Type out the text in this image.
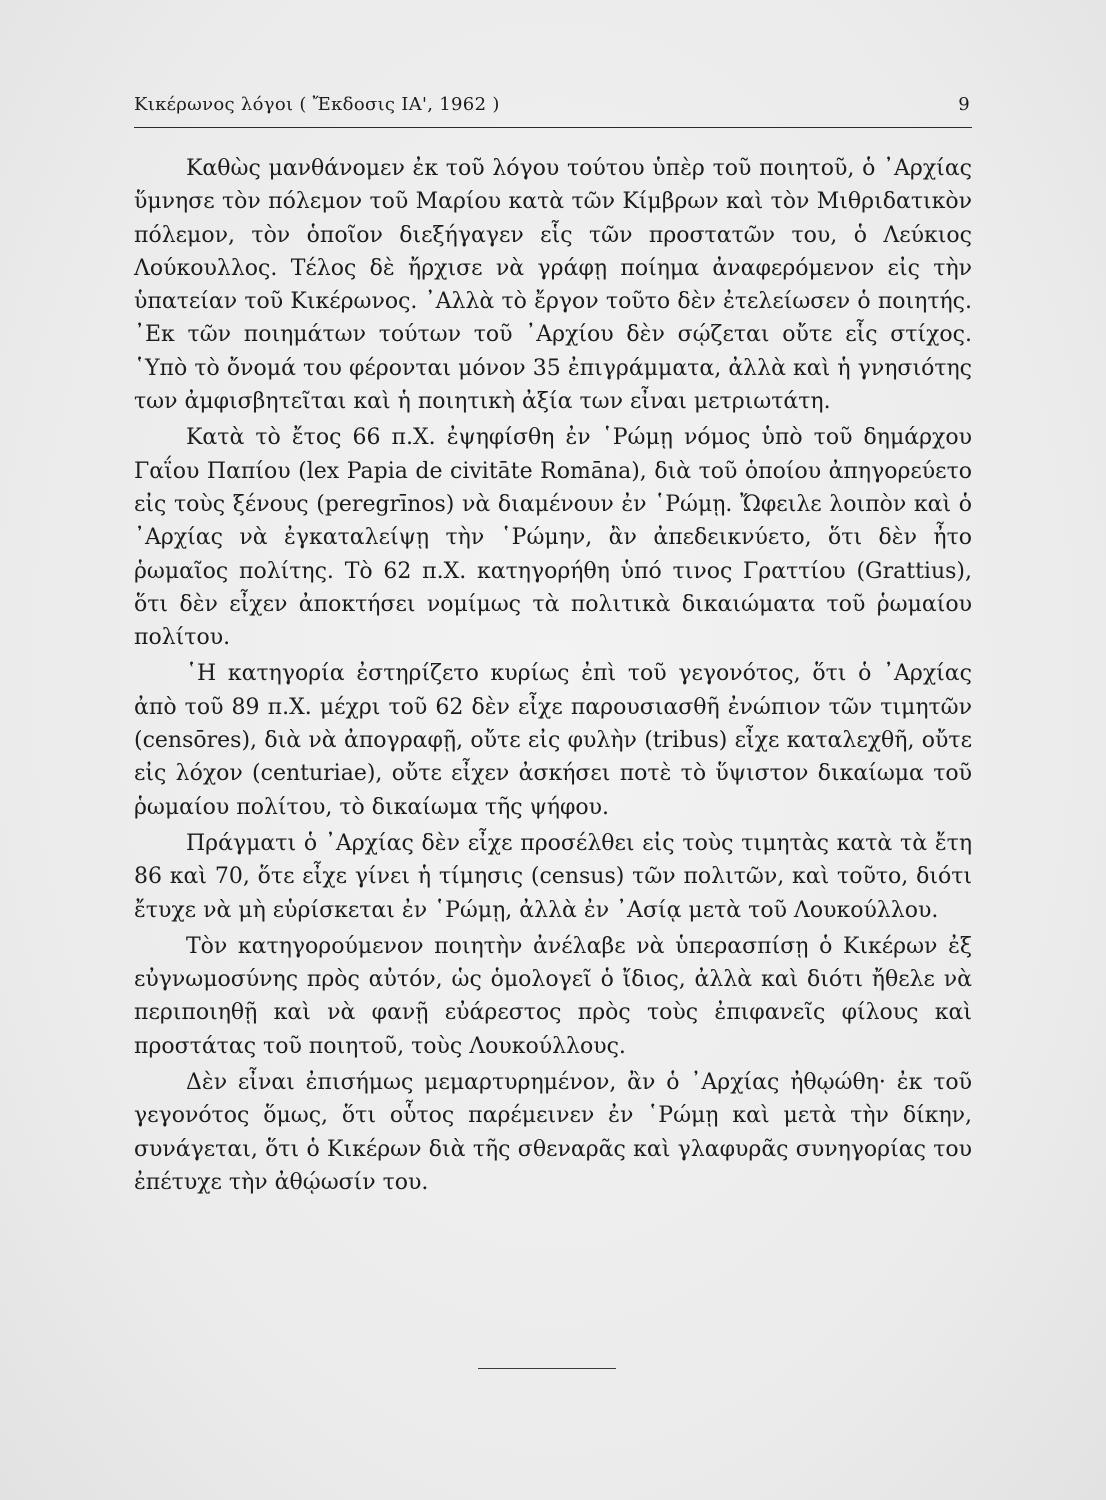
Κικέρωνος λόγοι ( Ἔκδοσις ΙΑ', 1962 )	9

Καθὼς μανθάνομεν ἐκ τοῦ λόγου τούτου ὑπὲρ τοῦ ποιητοῦ, ὁ ᾽Αρχίας ὕμνησε τὸν πόλεμον τοῦ Μαρίου κατὰ τῶν Κίμβρων καὶ τὸν Μιθριδατικὸν πόλεμον, τὸν ὁποῖον διεξήγαγεν εἷς τῶν προστατῶν του, ὁ Λεύκιος Λούκουλλος. Τέλος δὲ ἤρχισε νὰ γράφῃ ποίημα ἀναφερόμενον εἰς τὴν ὑπατείαν τοῦ Κικέρωνος. ᾽Αλλὰ τὸ ἔργον τοῦτο δὲν ἐτελείωσεν ὁ ποιητής. ᾽Εκ τῶν ποιημάτων τούτων τοῦ ᾽Αρχίου δὲν σῴζεται οὔτε εἷς στίχος. ῾Υπὸ τὸ ὄνομά του φέρονται μόνον 35 ἐπιγράμματα, ἀλλὰ καὶ ἡ γνησιότης των ἀμφισβητεῖται καὶ ἡ ποιητικὴ ἀξία των εἶναι μετριωτάτη.

Κατὰ τὸ ἔτος 66 π.Χ. ἐψηφίσθη ἐν ῾Ρώμῃ νόμος ὑπὸ τοῦ δημάρχου Γαΐου Παπίου (lex Papia de civitāte Romāna), διὰ τοῦ ὁποίου ἀπηγορεύετο εἰς τοὺς ξένους (peregrīnos) νὰ διαμένουν ἐν ῾Ρώμῃ. Ὤφειλε λοιπὸν καὶ ὁ ᾽Αρχίας νὰ ἐγκαταλείψῃ τὴν ῾Ρώμην, ἂν ἀπεδεικνύετο, ὅτι δὲν ἦτο ῥωμαῖος πολίτης. Τὸ 62 π.Χ. κατηγορήθη ὑπό τινος Γραττίου (Grattius), ὅτι δὲν εἶχεν ἀποκτήσει νομίμως τὰ πολιτικὰ δικαιώματα τοῦ ῥωμαίου πολίτου.

῾Η κατηγορία ἐστηρίζετο κυρίως ἐπὶ τοῦ γεγονότος, ὅτι ὁ ᾽Αρχίας ἀπὸ τοῦ 89 π.Χ. μέχρι τοῦ 62 δὲν εἶχε παρουσιασθῆ ἐνώπιον τῶν τιμητῶν (censōres), διὰ νὰ ἀπογραφῇ, οὔτε εἰς φυλὴν (tribus) εἶχε καταλεχθῆ, οὔτε εἰς λόχον (centuriae), οὔτε εἶχεν ἀσκήσει ποτὲ τὸ ὕψιστον δικαίωμα τοῦ ῥωμαίου πολίτου, τὸ δικαίωμα τῆς ψήφου.

Πράγματι ὁ ᾽Αρχίας δὲν εἶχε προσέλθει εἰς τοὺς τιμητὰς κατὰ τὰ ἔτη 86 καὶ 70, ὅτε εἶχε γίνει ἡ τίμησις (census) τῶν πολιτῶν, καὶ τοῦτο, διότι ἔτυχε νὰ μὴ εὑρίσκεται ἐν ῾Ρώμῃ, ἀλλὰ ἐν ᾽Ασίᾳ μετὰ τοῦ Λουκούλλου.

Τὸν κατηγορούμενον ποιητὴν ἀνέλαβε νὰ ὑπερασπίσῃ ὁ Κικέρων ἐξ εὐγνωμοσύνης πρὸς αὐτόν, ὡς ὁμολογεῖ ὁ ἴδιος, ἀλλὰ καὶ διότι ἤθελε νὰ περιποιηθῇ καὶ νὰ φανῇ εὐάρεστος πρὸς τοὺς ἐπιφανεῖς φίλους καὶ προστάτας τοῦ ποιητοῦ, τοὺς Λουκούλλους.

Δὲν εἶναι ἐπισήμως μεμαρτυρημένον, ἂν ὁ ᾽Αρχίας ἠθῳώθη· ἐκ τοῦ γεγονότος ὅμως, ὅτι οὗτος παρέμεινεν ἐν ῾Ρώμῃ καὶ μετὰ τὴν δίκην, συνάγεται, ὅτι ὁ Κικέρων διὰ τῆς σθεναρᾶς καὶ γλαφυρᾶς συνηγορίας του ἐπέτυχε τὴν ἀθῴωσίν του.
